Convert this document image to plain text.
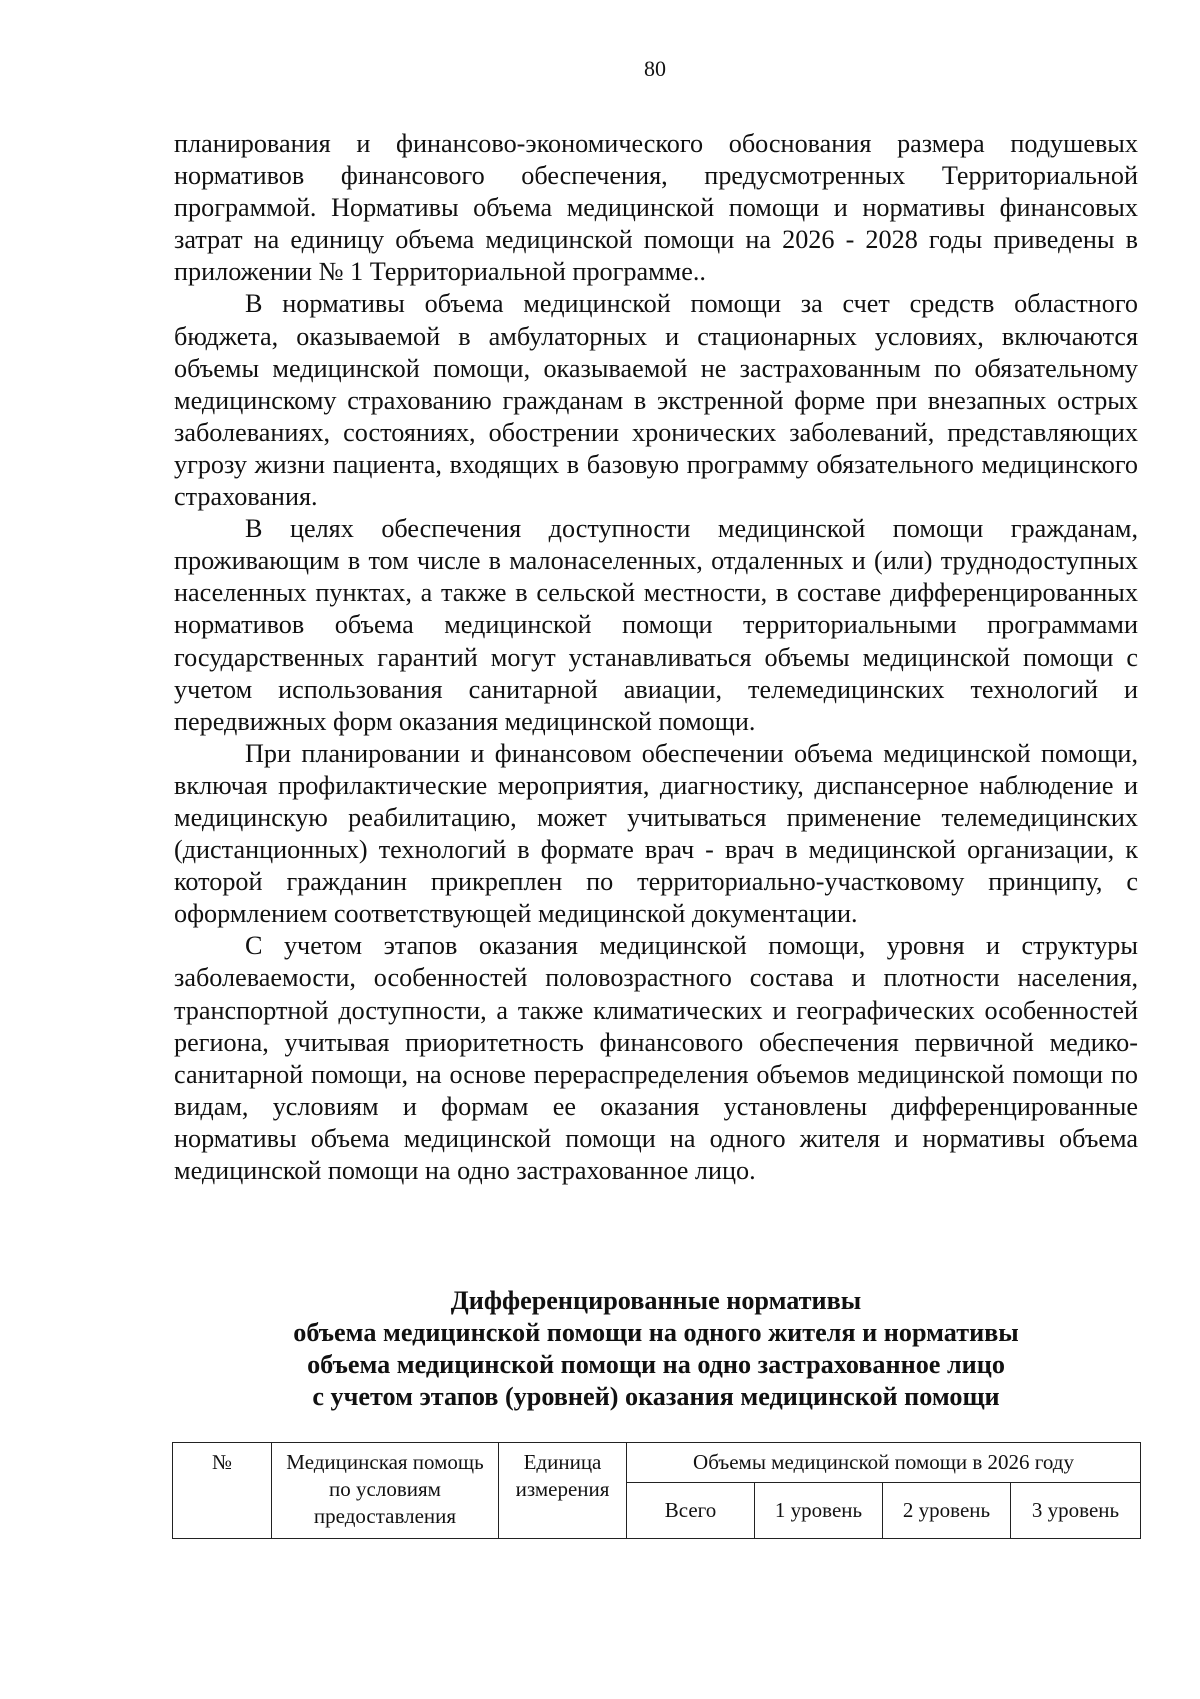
80

планирования и финансово-экономического обоснования размера подушевых нормативов финансового обеспечения, предусмотренных Территориальной программой. Нормативы объема медицинской помощи и нормативы финансовых затрат на единицу объема медицинской помощи на 2026 - 2028 годы приведены в приложении № 1 Территориальной программе..

В нормативы объема медицинской помощи за счет средств областного бюджета, оказываемой в амбулаторных и стационарных условиях, включаются объемы медицинской помощи, оказываемой не застрахованным по обязательному медицинскому страхованию гражданам в экстренной форме при внезапных острых заболеваниях, состояниях, обострении хронических заболеваний, представляющих угрозу жизни пациента, входящих в базовую программу обязательного медицинского страхования.

В целях обеспечения доступности медицинской помощи гражданам, проживающим в том числе в малонаселенных, отдаленных и (или) труднодоступных населенных пунктах, а также в сельской местности, в составе дифференцированных нормативов объема медицинской помощи территориальными программами государственных гарантий могут устанавливаться объемы медицинской помощи с учетом использования санитарной авиации, телемедицинских технологий и передвижных форм оказания медицинской помощи.

При планировании и финансовом обеспечении объема медицинской помощи, включая профилактические мероприятия, диагностику, диспансерное наблюдение и медицинскую реабилитацию, может учитываться применение телемедицинских (дистанционных) технологий в формате врач - врач в медицинской организации, к которой гражданин прикреплен по территориально-участковому принципу, с оформлением соответствующей медицинской документации.

С учетом этапов оказания медицинской помощи, уровня и структуры заболеваемости, особенностей половозрастного состава и плотности населения, транспортной доступности, а также климатических и географических особенностей региона, учитывая приоритетность финансового обеспечения первичной медико-санитарной помощи, на основе перераспределения объемов медицинской помощи по видам, условиям и формам ее оказания установлены дифференцированные нормативы объема медицинской помощи на одного жителя и нормативы объема медицинской помощи на одно застрахованное лицо.

Дифференцированные нормативы
объема медицинской помощи на одного жителя и нормативы
объема медицинской помощи на одно застрахованное лицо
с учетом этапов (уровней) оказания медицинской помощи
№	Медицинская помощь по условиям предоставления	Единица измерения	Объемы медицинской помощи в 2026 году			
			Всего	1 уровень	2 уровень	3 уровень
